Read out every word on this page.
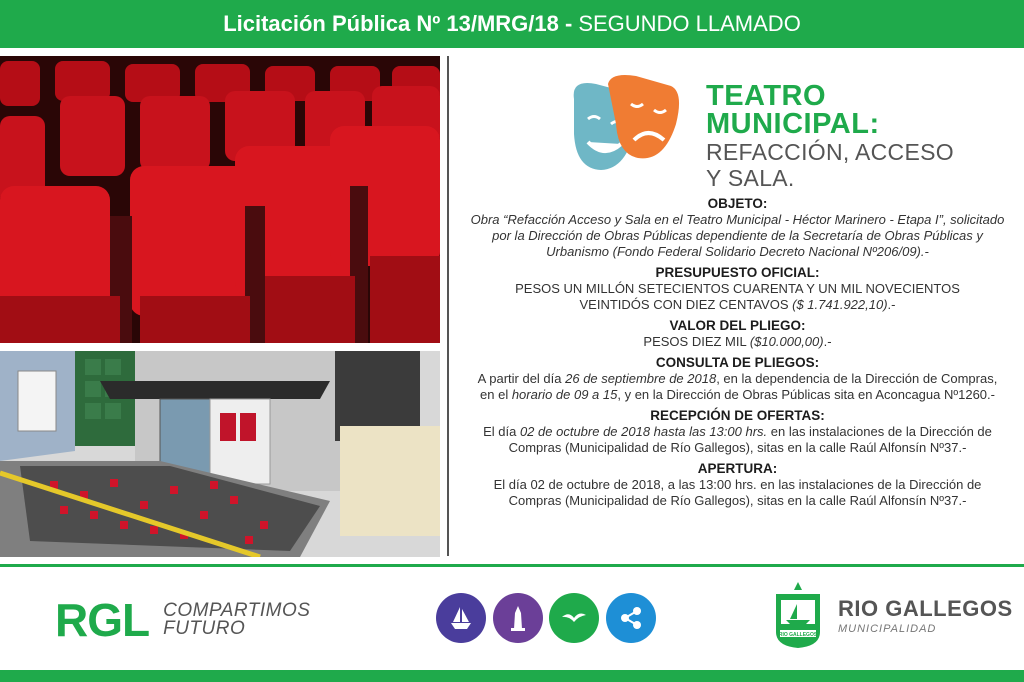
Licitación Pública Nº 13/MRG/18 - SEGUNDO LLAMADO
TEATRO
MUNICIPAL:
REFACCIÓN, ACCESO
Y SALA.
OBJETO:
Obra “Refacción Acceso y Sala en el Teatro Municipal - Héctor Marinero - Etapa I”, solicitado por la Dirección de Obras Públicas dependiente de la Secretaría de Obras Públicas y Urbanismo (Fondo Federal Solidario Decreto Nacional Nº206/09).-
PRESUPUESTO OFICIAL:
PESOS UN MILLÓN SETECIENTOS CUARENTA Y UN MIL NOVECIENTOS
VEINTIDÓS CON DIEZ CENTAVOS ($ 1.741.922,10).-
VALOR DEL PLIEGO:
PESOS DIEZ MIL ($10.000,00).-
CONSULTA DE PLIEGOS:
A partir del día 26 de septiembre de 2018, en la dependencia de la Dirección de Compras,
en el horario de 09 a 15, y en la Dirección de Obras Públicas sita en Aconcagua Nº1260.-
RECEPCIÓN DE OFERTAS:
El día 02 de octubre de 2018 hasta las 13:00 hrs. en las instalaciones de la Dirección de
Compras (Municipalidad de Río Gallegos), sitas en la calle Raúl Alfonsín Nº37.-
APERTURA:
El día 02 de octubre de 2018, a las 13:00 hrs. en las instalaciones de la Dirección de
Compras (Municipalidad de Río Gallegos), sitas en la calle Raúl Alfonsín Nº37.-
RGL COMPARTIMOS
FUTURO	RIO GALLEGOS
RIO GALLEGOS
MUNICIPALIDAD
